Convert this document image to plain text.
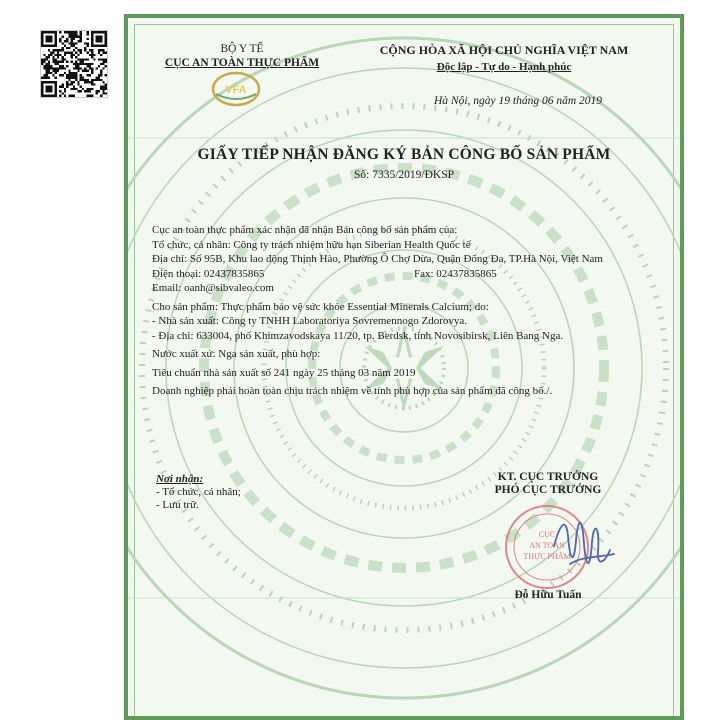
BỘ Y TẾ
CỤC AN TOÀN THỰC PHẨM
VFA
CỘNG HÒA XÃ HỘI CHỦ NGHĨA VIỆT NAM
Độc lập - Tự do - Hạnh phúc
Hà Nội, ngày 19 tháng 06 năm 2019
GIẤY TIẾP NHẬN ĐĂNG KÝ BẢN CÔNG BỐ SẢN PHẨM
Số: 7335/2019/ĐKSP

Cục an toàn thực phẩm xác nhận đã nhận Bản công bố sản phẩm của:

Tổ chức, cá nhân: Công ty trách nhiệm hữu hạn Siberian Health Quốc tế

Địa chỉ: Số 95B, Khu lao động Thịnh Hào, Phường Ô Chợ Dừa, Quận Đống Đa, TP.Hà Nội, Việt Nam

Điện thoại: 02437835865	Fax: 02437835865

Email: oanh@sibvaleo.com

Cho sản phẩm: Thực phẩm bảo vệ sức khỏe Essential Minerals Calcium; do:

- Nhà sản xuất: Công ty TNHH Laboratoriya Sovremennogo Zdorovya.

- Địa chỉ: 633004, phố Khimzavodskaya 11/20, tp. Berdsk, tỉnh Novosibirsk, Liên Bang Nga.

Nước xuất xứ: Nga sản xuất, phù hợp:

Tiêu chuẩn nhà sản xuất số 241 ngày 25 tháng 03 năm 2019

Doanh nghiệp phải hoàn toàn chịu trách nhiệm về tính phù hợp của sản phẩm đã công bố./.

Nơi nhận:
- Tổ chức, cá nhân;
- Lưu trữ.
KT. CỤC TRƯỞNG
PHÓ CỤC TRƯỞNG
CỤC
AN TOÀN
THỰC PHẨM
Đỗ Hữu Tuấn
